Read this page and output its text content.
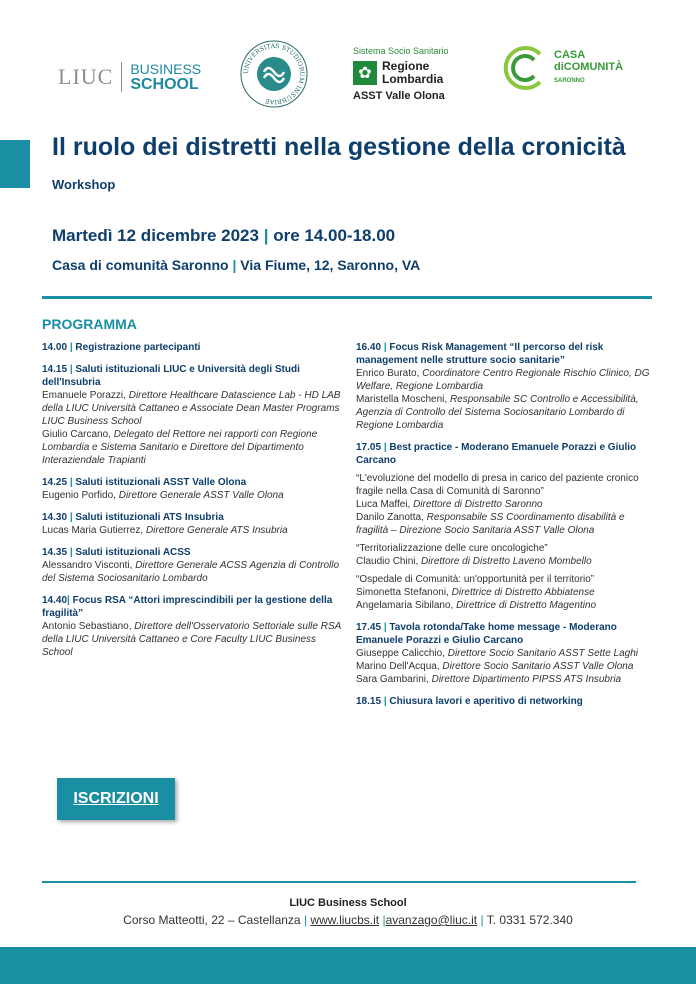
LIUC BUSINESS
SCHOOL
UNIVERSITAS STUDIORUM INSUBRIAE
Sistema Socio Sanitario
✿ Regione
Lombardia
ASST Valle Olona
CASA
diCOMUNITÀ
SARONNO
Il ruolo dei distretti nella gestione della cronicità
Workshop
Martedì 12 dicembre 2023 | ore 14.00-18.00
Casa di comunità Saronno | Via Fiume, 12, Saronno, VA
PROGRAMMA
14.00 | Registrazione partecipanti
14.15 | Saluti istituzionali LIUC e Università degli Studi dell'Insubria

Emanuele Porazzi, Direttore Healthcare Datascience Lab - HD LAB della LIUC Università Cattaneo e Associate Dean Master Programs LIUC Business School

Giulio Carcano, Delegato del Rettore nei rapporti con Regione Lombardia e Sistema Sanitario e Direttore del Dipartimento Interaziendale Trapianti

14.25 | Saluti istituzionali ASST Valle Olona

Eugenio Porfido, Direttore Generale ASST Valle Olona

14.30 | Saluti istituzionali ATS Insubria

Lucas Maria Gutierrez, Direttore Generale ATS Insubria

14.35 | Saluti istituzionali ACSS

Alessandro Visconti, Direttore Generale ACSS Agenzia di Controllo del Sistema Sociosanitario Lombardo

14.40| Focus RSA “Attori imprescindibili per la gestione della fragilità”

Antonio Sebastiano, Direttore dell'Osservatorio Settoriale sulle RSA della LIUC Università Cattaneo e Core Faculty LIUC Business School

16.40 | Focus Risk Management “Il percorso del risk management nelle strutture socio sanitarie”

Enrico Burato, Coordinatore Centro Regionale Rischio Clinico, DG Welfare, Regione Lombardia

Maristella Moscheni, Responsabile SC Controllo e Accessibilità, Agenzia di Controllo del Sistema Sociosanitario Lombardo di Regione Lombardia

17.05 | Best practice - Moderano Emanuele Porazzi e Giulio Carcano

“L'evoluzione del modello di presa in carico del paziente cronico fragile nella Casa di Comunità di Saronno”

Luca Maffei, Direttore di Distretto Saronno

Danilo Zanotta, Responsabile SS Coordinamento disabilità e fragilità – Direzione Socio Sanitaria ASST Valle Olona

“Territorializzazione delle cure oncologiche”

Claudio Chini, Direttore di Distretto Laveno Mombello

“Ospedale di Comunità: un'opportunità per il territorio”

Simonetta Stefanoni, Direttrice di Distretto Abbiatense

Angelamaria Sibilano, Direttrice di Distretto Magentino

17.45 | Tavola rotonda/Take home message - Moderano Emanuele Porazzi e Giulio Carcano

Giuseppe Calicchio, Direttore Socio Sanitario ASST Sette Laghi

Marino Dell'Acqua, Direttore Socio Sanitario ASST Valle Olona

Sara Gambarini, Direttore Dipartimento PIPSS ATS Insubria

18.15 | Chiusura lavori e aperitivo di networking
ISCRIZIONI
LIUC Business School
Corso Matteotti, 22 – Castellanza | www.liucbs.it |avanzago@liuc.it | T. 0331 572.340
